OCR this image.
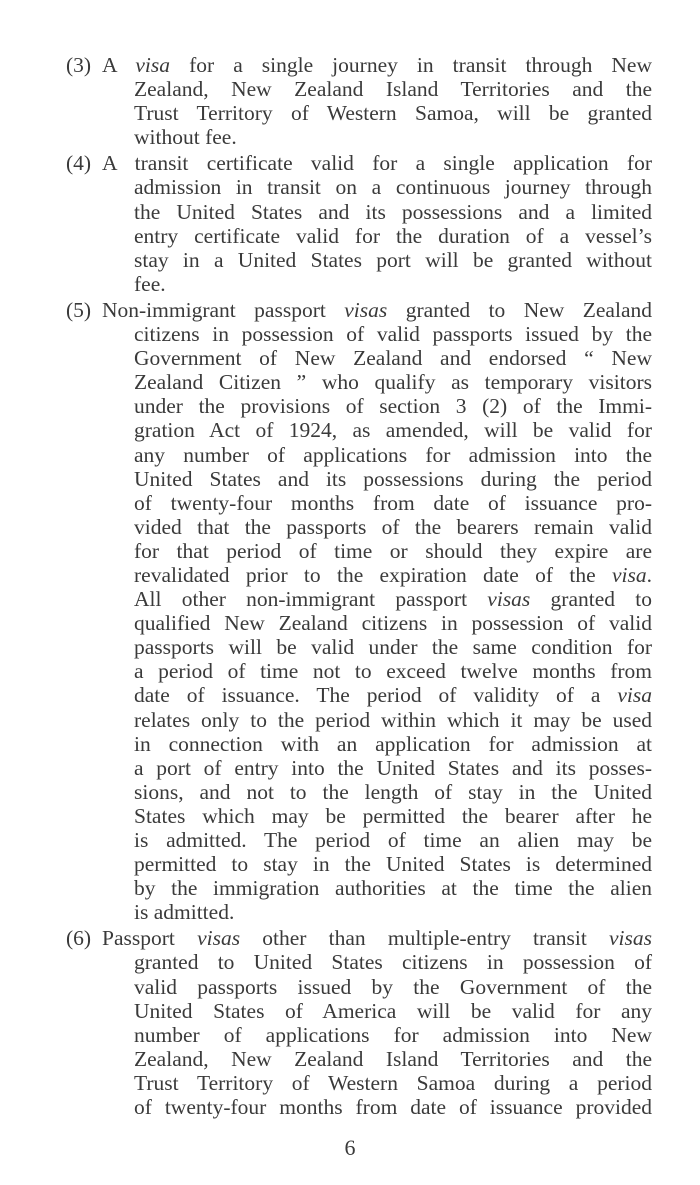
(3) A visa for a single journey in transit through New
Zealand, New Zealand Island Territories and the
Trust Territory of Western Samoa, will be granted
without fee.
(4) A transit certificate valid for a single application for
admission in transit on a continuous journey through
the United States and its possessions and a limited
entry certificate valid for the duration of a vessel’s
stay in a United States port will be granted without
fee.
(5) Non-immigrant passport visas granted to New Zealand
citizens in possession of valid passports issued by the
Government of New Zealand and endorsed “ New
Zealand Citizen ” who qualify as temporary visitors
under the provisions of section 3 (2) of the Immi-
gration Act of 1924, as amended, will be valid for
any number of applications for admission into the
United States and its possessions during the period
of twenty-four months from date of issuance pro-
vided that the passports of the bearers remain valid
for that period of time or should they expire are
revalidated prior to the expiration date of the visa.
All other non-immigrant passport visas granted to
qualified New Zealand citizens in possession of valid
passports will be valid under the same condition for
a period of time not to exceed twelve months from
date of issuance. The period of validity of a visa
relates only to the period within which it may be used
in connection with an application for admission at
a port of entry into the United States and its posses-
sions, and not to the length of stay in the United
States which may be permitted the bearer after he
is admitted. The period of time an alien may be
permitted to stay in the United States is determined
by the immigration authorities at the time the alien
is admitted.
(6) Passport visas other than multiple-entry transit visas
granted to United States citizens in possession of
valid passports issued by the Government of the
United States of America will be valid for any
number of applications for admission into New
Zealand, New Zealand Island Territories and the
Trust Territory of Western Samoa during a period
of twenty-four months from date of issuance provided
6
